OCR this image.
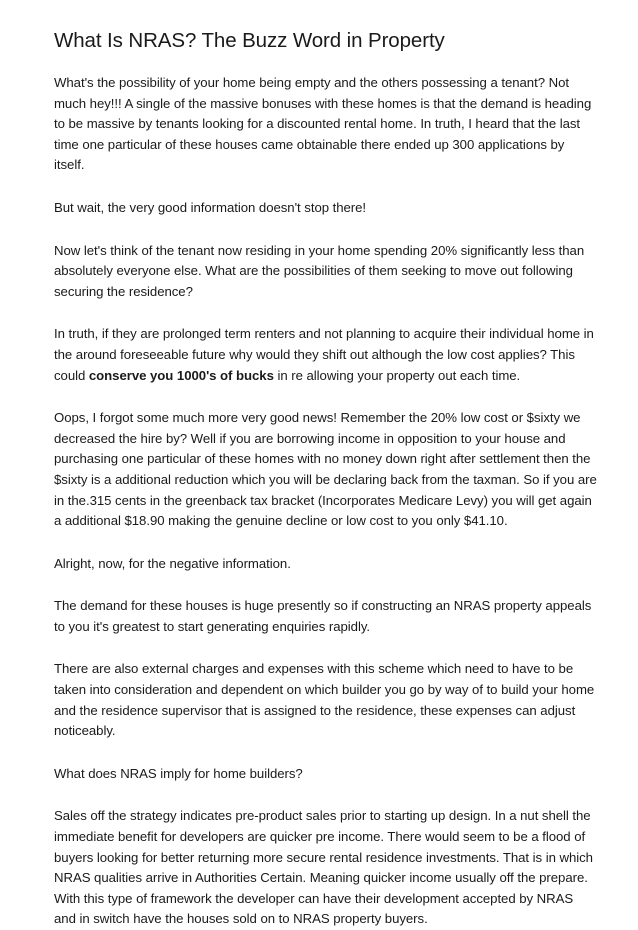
What Is NRAS? The Buzz Word in Property

What's the possibility of your home being empty and the others possessing a tenant? Not much hey!!! A single of the massive bonuses with these homes is that the demand is heading to be massive by tenants looking for a discounted rental home. In truth, I heard that the last time one particular of these houses came obtainable there ended up 300 applications by itself.

But wait, the very good information doesn't stop there!

Now let's think of the tenant now residing in your home spending 20% significantly less than absolutely everyone else. What are the possibilities of them seeking to move out following securing the residence?

In truth, if they are prolonged term renters and not planning to acquire their individual home in the around foreseeable future why would they shift out although the low cost applies? This could conserve you 1000's of bucks in re allowing your property out each time.

Oops, I forgot some much more very good news! Remember the 20% low cost or $sixty we decreased the hire by? Well if you are borrowing income in opposition to your house and purchasing one particular of these homes with no money down right after settlement then the $sixty is a additional reduction which you will be declaring back from the taxman. So if you are in the.315 cents in the greenback tax bracket (Incorporates Medicare Levy) you will get again a additional $18.90 making the genuine decline or low cost to you only $41.10.

Alright, now, for the negative information.

The demand for these houses is huge presently so if constructing an NRAS property appeals to you it's greatest to start generating enquiries rapidly.

There are also external charges and expenses with this scheme which need to have to be taken into consideration and dependent on which builder you go by way of to build your home and the residence supervisor that is assigned to the residence, these expenses can adjust noticeably.

What does NRAS imply for home builders?

Sales off the strategy indicates pre-product sales prior to starting up design. In a nut shell the immediate benefit for developers are quicker pre income. There would seem to be a flood of buyers looking for better returning more secure rental residence investments. That is in which NRAS qualities arrive in Authorities Certain. Meaning quicker income usually off the prepare. With this type of framework the developer can have their development accepted by NRAS and in switch have the houses sold on to NRAS property buyers.
